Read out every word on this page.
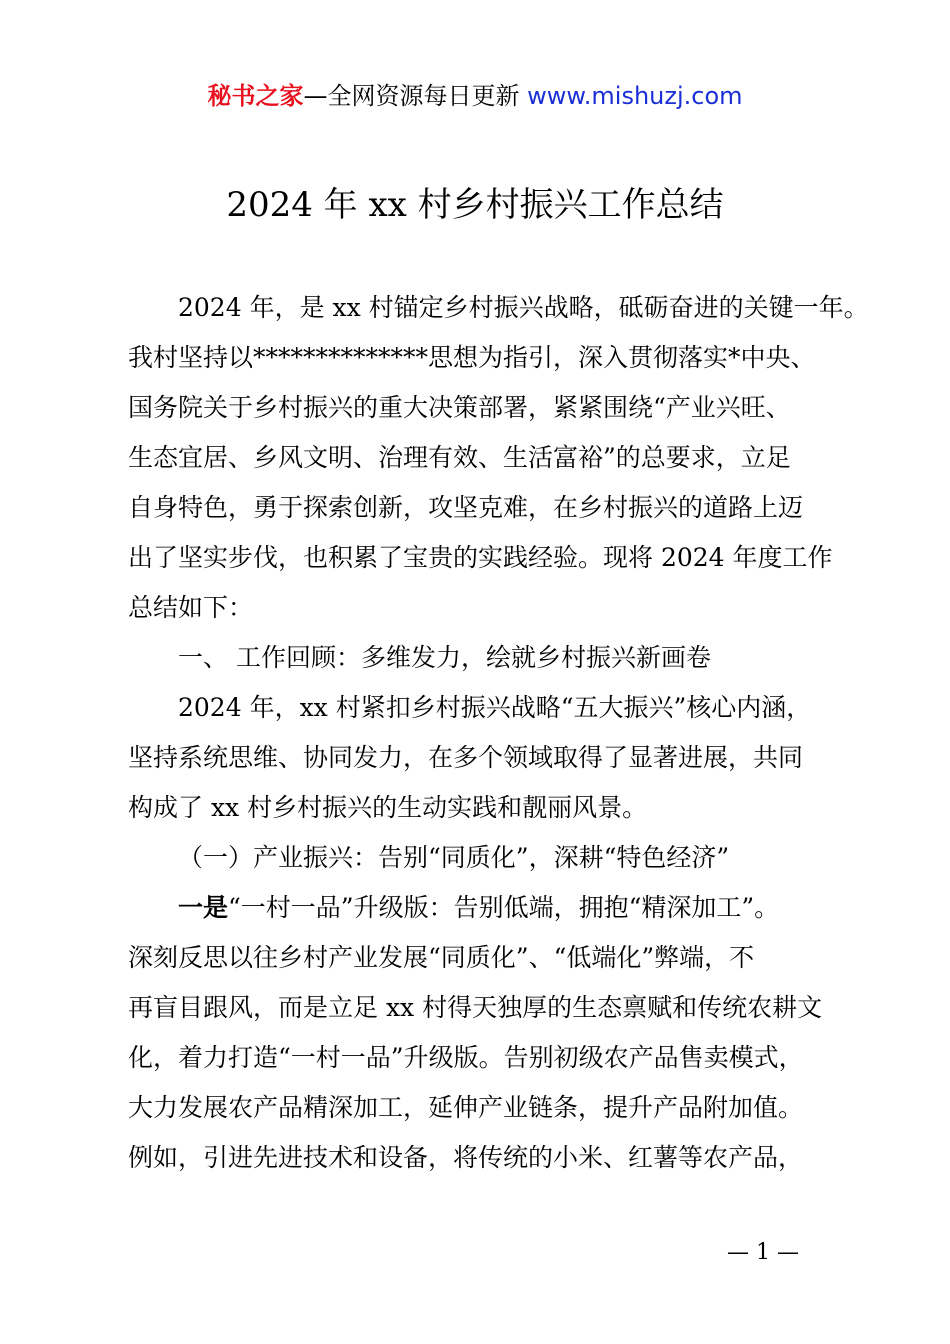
秘书之家—全网资源每日更新 www.mishuzj.com
2024 年 xx 村乡村振兴工作总结
2024 年，是 xx 村锚定乡村振兴战略，砥砺奋进的关键一年。
我村坚持以**************思想为指引，深入贯彻落实*中央、
国务院关于乡村振兴的重大决策部署，紧紧围绕“产业兴旺、
生态宜居、乡风文明、治理有效、生活富裕”的总要求，立足
自身特色，勇于探索创新，攻坚克难，在乡村振兴的道路上迈
出了坚实步伐，也积累了宝贵的实践经验。现将 2024 年度工作
总结如下：
一、 工作回顾：多维发力，绘就乡村振兴新画卷
2024 年，xx 村紧扣乡村振兴战略“五大振兴”核心内涵，
坚持系统思维、协同发力，在多个领域取得了显著进展，共同
构成了 xx 村乡村振兴的生动实践和靓丽风景。
（一）产业振兴：告别“同质化”，深耕“特色经济”
一是“一村一品”升级版：告别低端，拥抱“精深加工”。
深刻反思以往乡村产业发展“同质化”、“低端化”弊端，不
再盲目跟风，而是立足 xx 村得天独厚的生态禀赋和传统农耕文
化，着力打造“一村一品”升级版。告别初级农产品售卖模式，
大力发展农产品精深加工，延伸产业链条，提升产品附加值。
例如，引进先进技术和设备，将传统的小米、红薯等农产品，
— 1 —
